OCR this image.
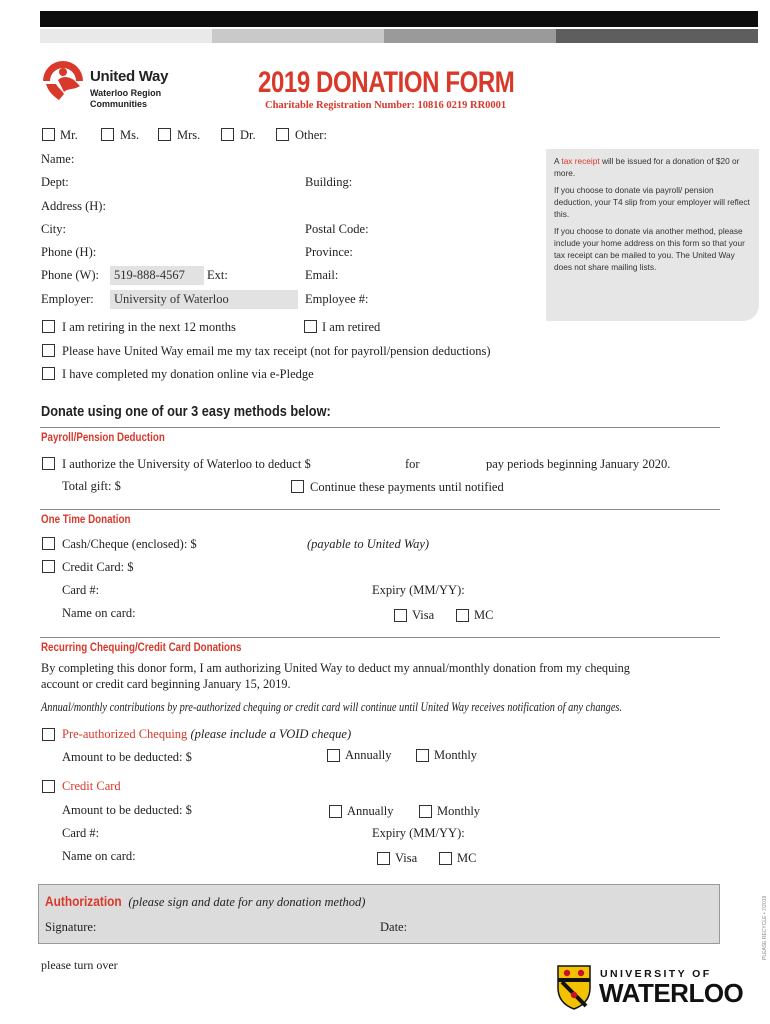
United Way
Waterloo Region
Communities
2019 DONATION FORM
Charitable Registration Number: 10816 0219 RR0001
Mr.	Ms.	Mrs.	Dr.	Other:
Name:
Dept:	Building:
Address (H):
City:	Postal Code:
Phone (H):	Province:
Phone (W):	519-888-4567	Ext:	Email:
Employer:	University of Waterloo	Employee #:
A tax receipt will be issued for a donation of $20 or more.
If you choose to donate via payroll/ pension deduction, your T4 slip from your employer will reflect this.
If you choose to donate via another method, please include your home address on this form so that your tax receipt can be mailed to you. The United Way does not share mailing lists.
I am retiring in the next 12 months	I am retired
Please have United Way email me my tax receipt (not for payroll/pension deductions)
I have completed my donation online via e-Pledge
Donate using one of our 3 easy methods below:
Payroll/Pension Deduction
I authorize the University of Waterloo to deduct $	for	pay periods beginning January 2020.
Total gift: $	Continue these payments until notified
One Time Donation
Cash/Cheque (enclosed): $	(payable to United Way)
Credit Card: $
Card #:	Expiry (MM/YY):
Name on card:	Visa	MC
Recurring Chequing/Credit Card Donations
By completing this donor form, I am authorizing United Way to deduct my annual/monthly donation from my chequing
account or credit card beginning January 15, 2019.
Annual/monthly contributions by pre-authorized chequing or credit card will continue until United Way receives notification of any changes.
Pre-authorized Chequing (please include a VOID cheque)
Amount to be deducted: $	Annually	Monthly
Credit Card
Amount to be deducted: $	Annually	Monthly
Card #:	Expiry (MM/YY):
Name on card:	Visa	MC
Authorization (please sign and date for any donation method)
Signature:	Date:	PLEASE RECYCLE • 7/2019
please turn over
UNIVERSITY OF
WATERLOO
